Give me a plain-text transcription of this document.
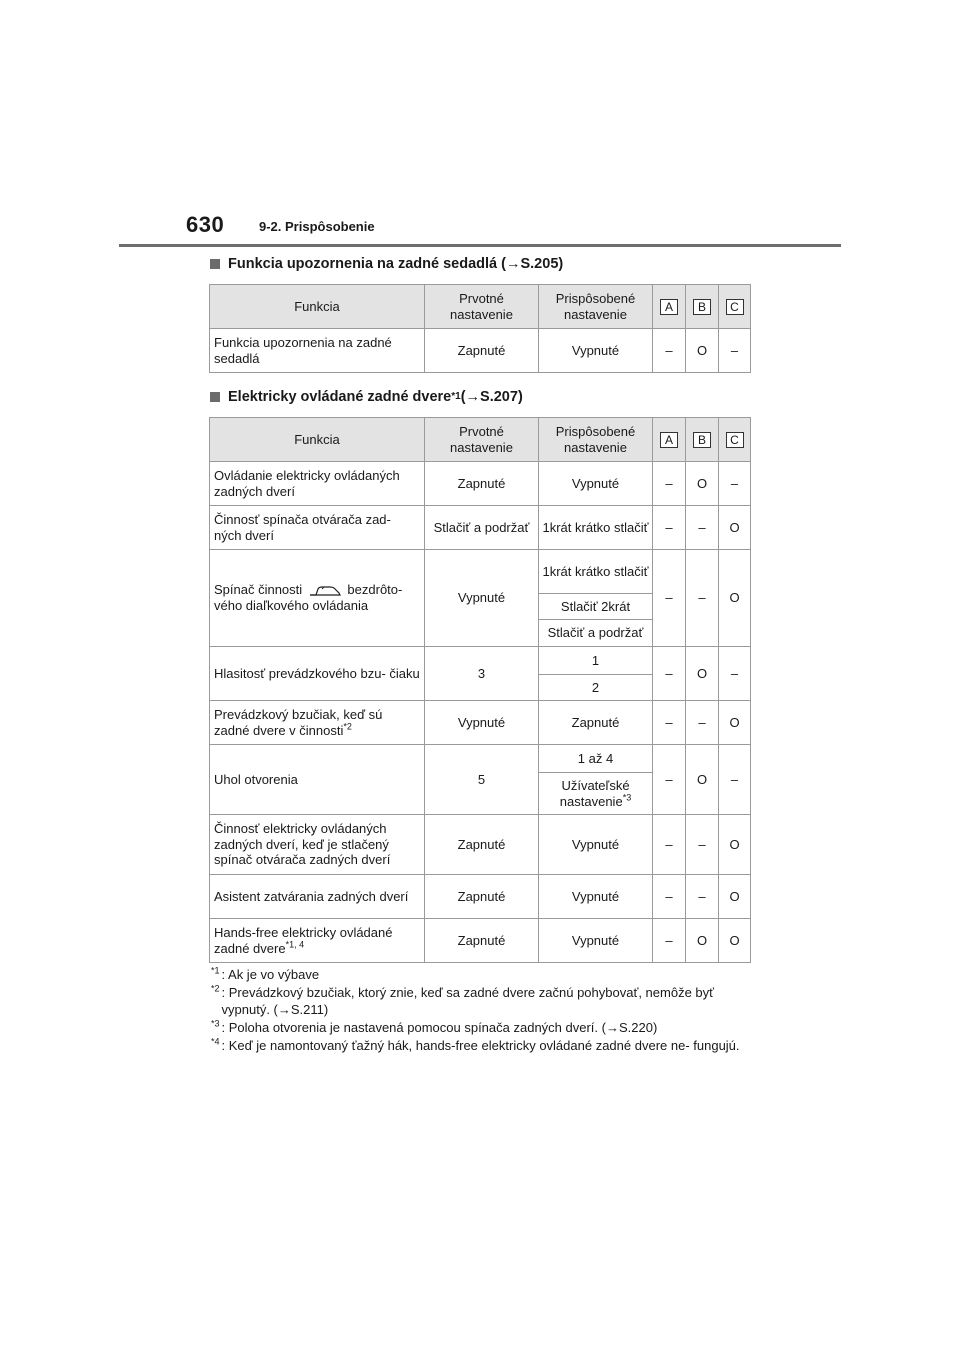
630	9-2. Prispôsobenie
Funkcia upozornenia na zadné sedadlá ( → S.205)
Funkcia	Prvotné nastavenie	Prispôsobené nastavenie	A	B	C
Funkcia upozornenia na zadné sedadlá	Zapnuté	Vypnuté	–	O	–
Elektricky ovládané zadné dvere *1 ( → S.207)
Funkcia	Prvotné nastavenie	Prispôsobené nastavenie	A	B	C
Ovládanie elektricky ovládaných zadných dverí	Zapnuté	Vypnuté	–	O	–
Činnosť spínača otvárača zad- ných dverí	Stlačiť a podržať	1krát krátko stlačiť	–	–	O
Spínač činnosti bezdrôto- vého diaľkového ovládania	Vypnuté	1krát krátko stlačiť	–	–	O
		Stlačiť 2krát			
		Stlačiť a podržať			
Hlasitosť prevádzkového bzu- čiaku	3	1	–	O	–
		2			
Prevádzkový bzučiak, keď sú zadné dvere v činnosti$^{*2}$	Vypnuté	Zapnuté	–	–	O
Uhol otvorenia	5	1 až 4	–	O	–
		Užívateľské nastavenie$^{*3}$
Činnosť elektricky ovládaných zadných dverí, keď je stlačený spínač otvárača zadných dverí	Zapnuté	Vypnuté	–	–	O
Asistent zatvárania zadných dverí	Zapnuté	Vypnuté	–	–	O
Hands-free elektricky ovládané zadné dvere$^{*1, 4}$	Zapnuté	Vypnuté	–	O	O
$^{*1}$ : Ak je vo výbave
$^{*2}$ : Prevádzkový bzučiak, ktorý znie, keď sa zadné dvere začnú pohybovať, nemôže byť vypnutý. (→S.211)
$^{*3}$ : Poloha otvorenia je nastavená pomocou spínača zadných dverí. (→S.220)
$^{*4}$ : Keď je namontovaný ťažný hák, hands-free elektricky ovládané zadné dvere ne- fungujú.
